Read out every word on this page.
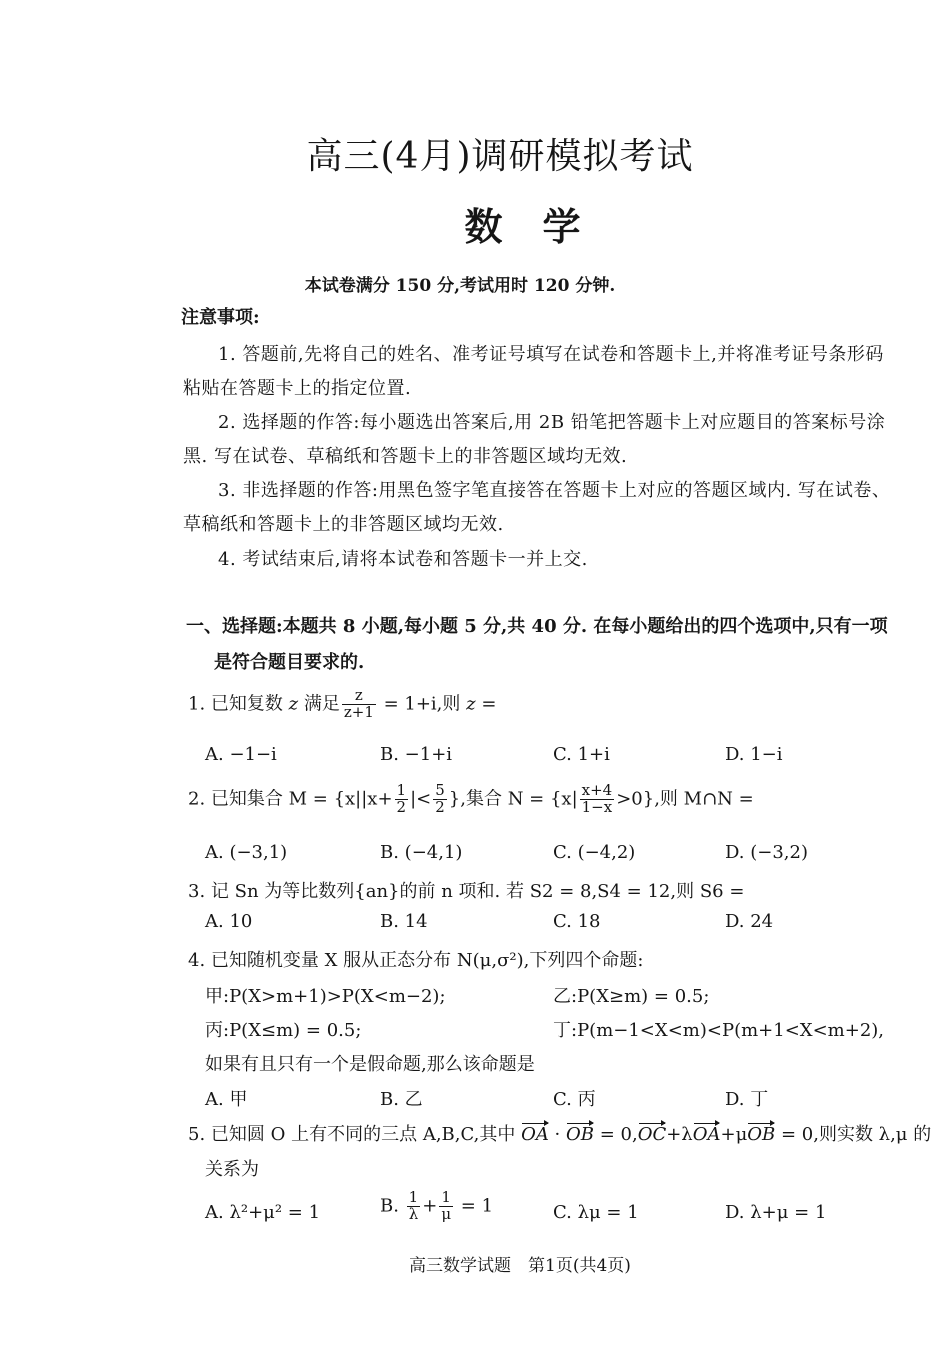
高三(4月)调研模拟考试
数学
本试卷满分 150 分,考试用时 120 分钟.
注意事项:
1. 答题前,先将自己的姓名、准考证号填写在试卷和答题卡上,并将准考证号条形码
粘贴在答题卡上的指定位置.
2. 选择题的作答:每小题选出答案后,用 2B 铅笔把答题卡上对应题目的答案标号涂
黑. 写在试卷、草稿纸和答题卡上的非答题区域均无效.
3. 非选择题的作答:用黑色签字笔直接答在答题卡上对应的答题区域内. 写在试卷、
草稿纸和答题卡上的非答题区域均无效.
4. 考试结束后,请将本试卷和答题卡一并上交.
一、选择题:本题共 8 小题,每小题 5 分,共 40 分. 在每小题给出的四个选项中,只有一项
是符合题目要求的.
1. 已知复数 z 满足 $\frac{z}{z+1} = 1+i$,则 z =
A. −1−i	B. −1+i	C. 1+i	D. 1−i
2. 已知集合 $M = \{x||x+ \frac{1}{2}$ |< $\frac{5}{2}$ },集合 $N = \{x| \frac{x+4}{1-x} >0\}$,则 M∩N =
A. (−3,1)	B. (−4,1)	C. (−4,2)	D. (−3,2)
3. 记 Sn 为等比数列{an}的前 n 项和. 若 S2 = 8,S4 = 12,则 S6 =
A. 10	B. 14	C. 18	D. 24
4. 已知随机变量 X 服从正态分布 N(μ,σ²),下列四个命题:
甲:P(X>m+1)>P(X<m−2);	乙:P(X≥m) = 0.5;
丙:P(X≤m) = 0.5;	丁:P(m−1<X<m)<P(m+1<X<m+2),
如果有且只有一个是假命题,那么该命题是
A. 甲	B. 乙	C. 丙	D. 丁
5. 已知圆 O 上有不同的三点 A,B,C,其中 OA · OB = 0,OC+λOA+μOB = 0,则实数 λ,μ 的
关系为
A. λ²+μ² = 1	B. $\frac{1}{\lambda} + \frac{1}{\mu} = 1$	C. λμ = 1	D. λ+μ = 1
高三数学试题　第1页(共4页)
